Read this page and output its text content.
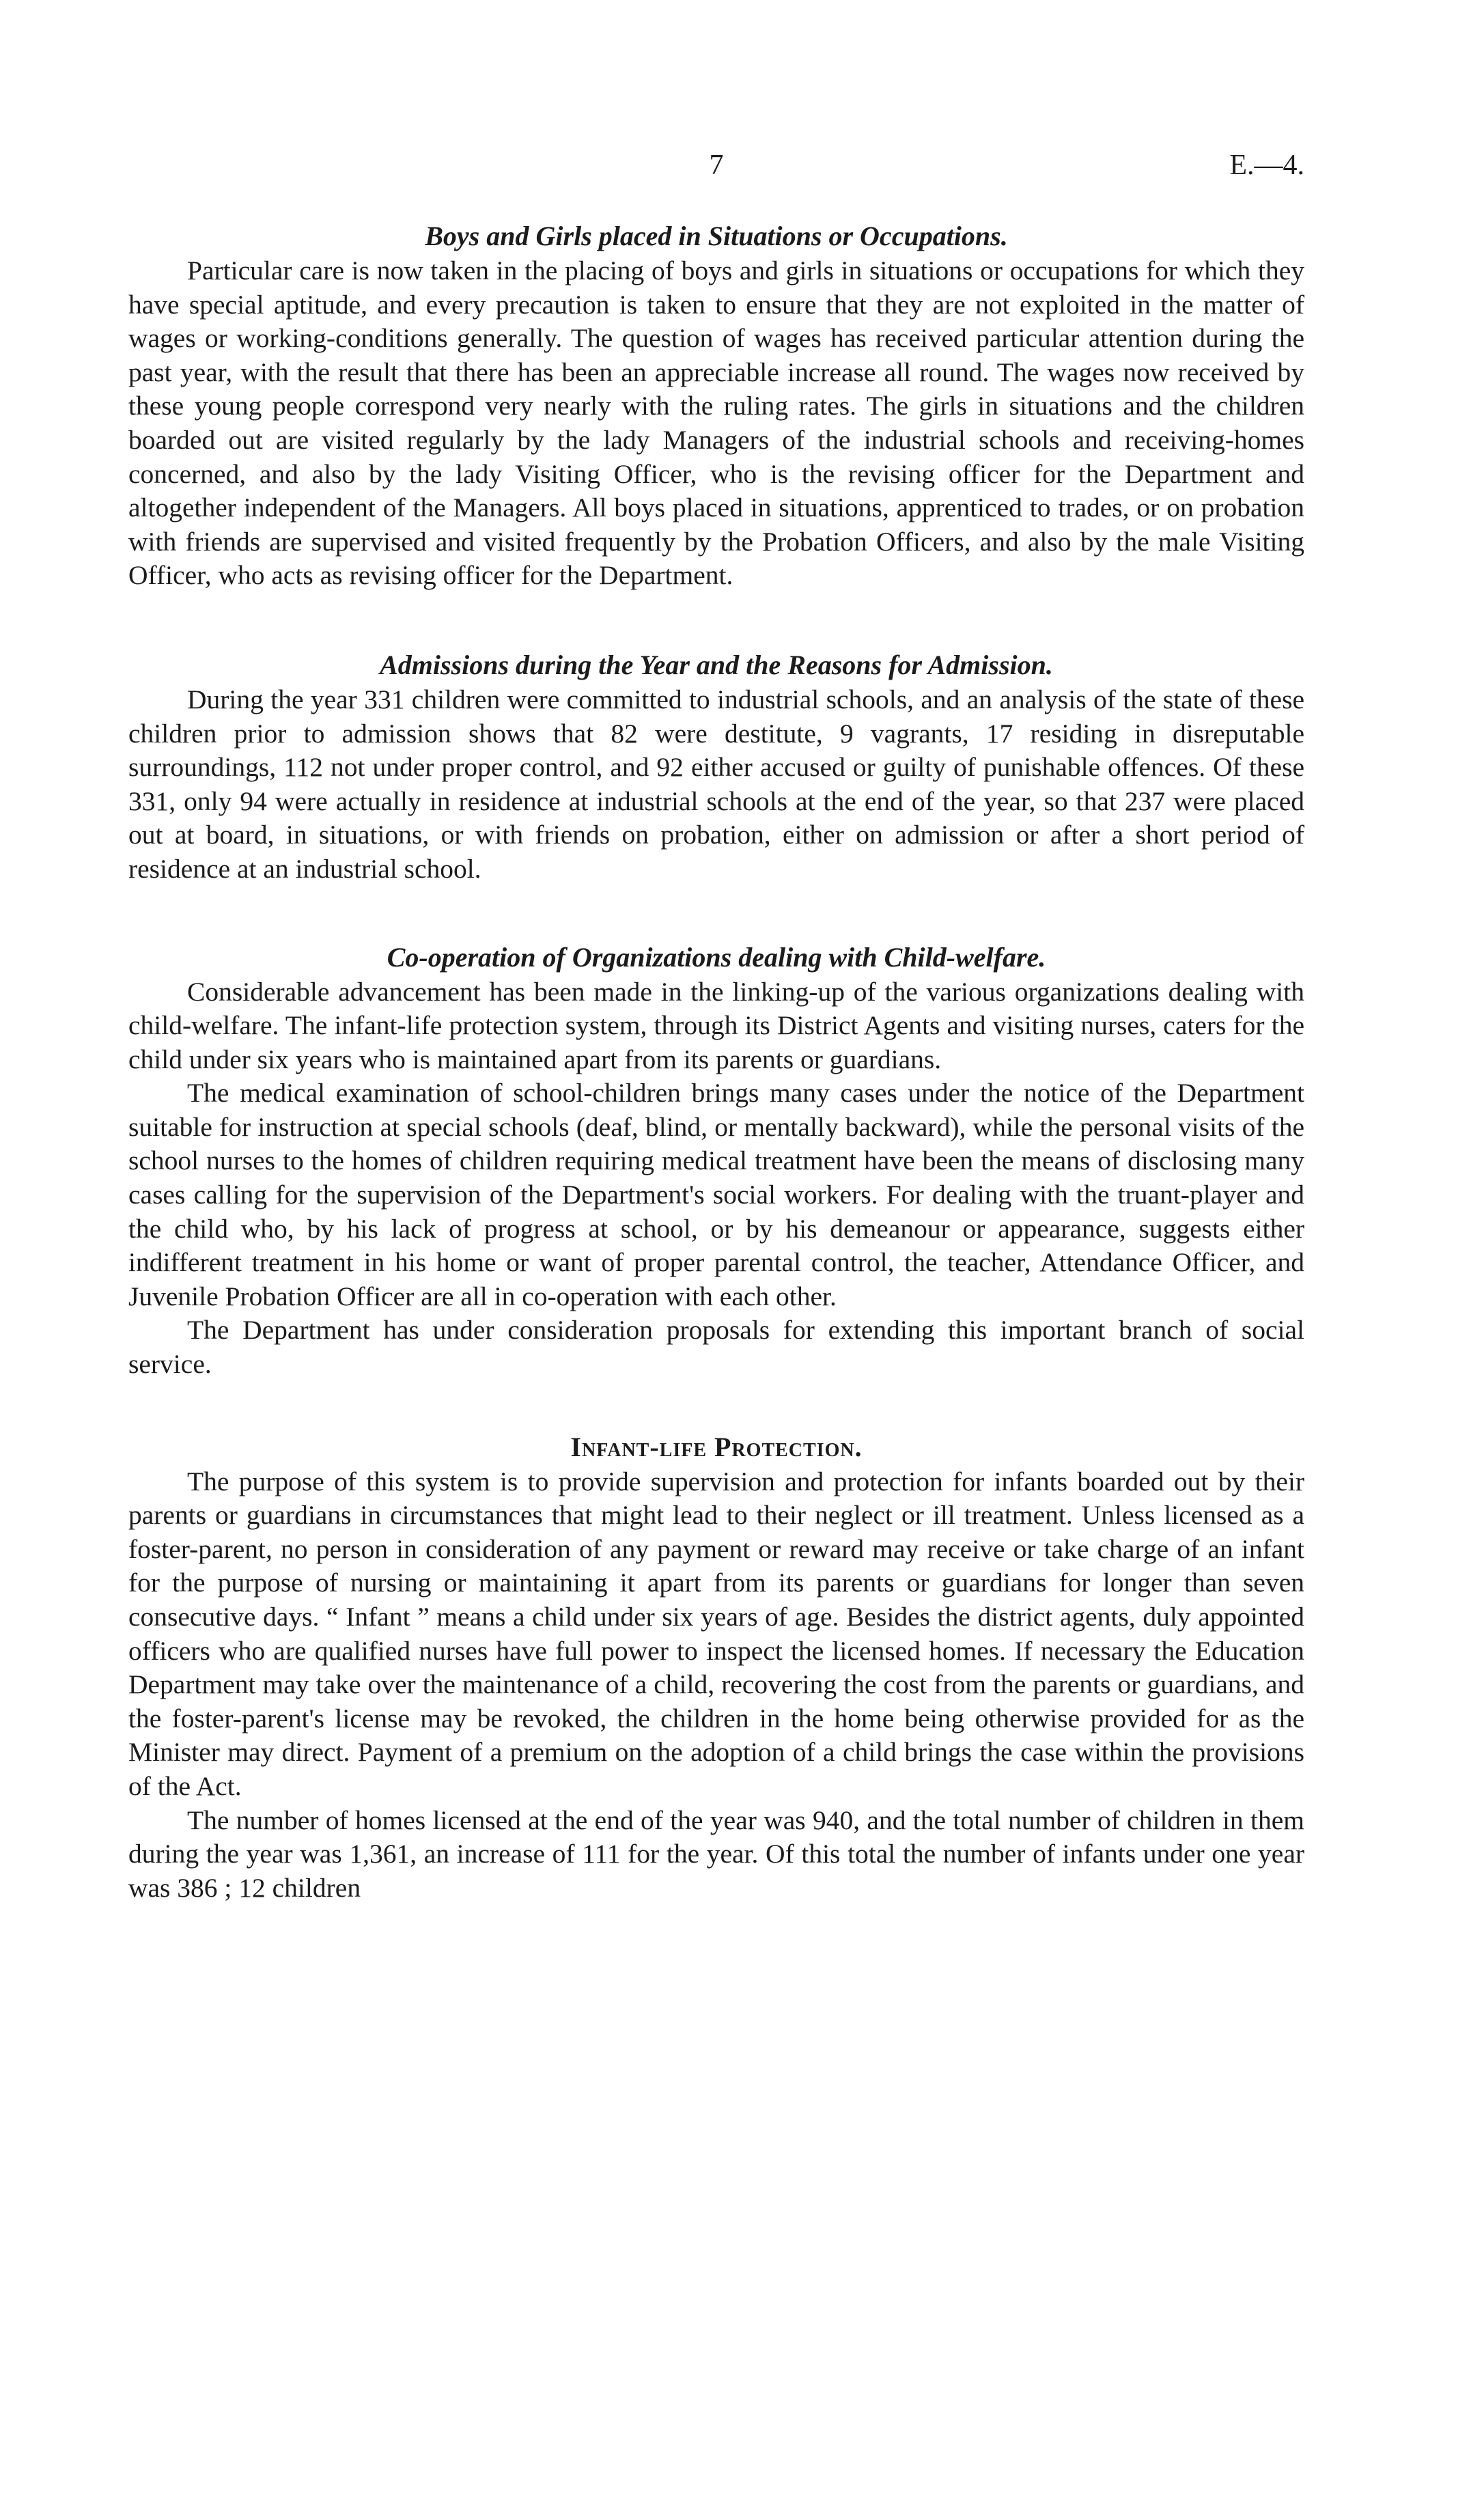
7	E.—4.
Boys and Girls placed in Situations or Occupations.

Particular care is now taken in the placing of boys and girls in situations or occupations for which they have special aptitude, and every precaution is taken to ensure that they are not exploited in the matter of wages or working-conditions generally. The question of wages has received particular attention during the past year, with the result that there has been an appreciable increase all round. The wages now received by these young people correspond very nearly with the ruling rates. The girls in situations and the children boarded out are visited regularly by the lady Managers of the industrial schools and receiving-homes concerned, and also by the lady Visiting Officer, who is the revising officer for the Department and altogether independent of the Managers. All boys placed in situations, apprenticed to trades, or on probation with friends are supervised and visited frequently by the Probation Officers, and also by the male Visiting Officer, who acts as revising officer for the Department.

Admissions during the Year and the Reasons for Admission.

During the year 331 children were committed to industrial schools, and an analysis of the state of these children prior to admission shows that 82 were destitute, 9 vagrants, 17 residing in disreputable surroundings, 112 not under proper control, and 92 either accused or guilty of punishable offences. Of these 331, only 94 were actually in residence at industrial schools at the end of the year, so that 237 were placed out at board, in situations, or with friends on probation, either on admission or after a short period of residence at an industrial school.

Co-operation of Organizations dealing with Child-welfare.

Considerable advancement has been made in the linking-up of the various organizations dealing with child-welfare. The infant-life protection system, through its District Agents and visiting nurses, caters for the child under six years who is maintained apart from its parents or guardians.

The medical examination of school-children brings many cases under the notice of the Department suitable for instruction at special schools (deaf, blind, or mentally backward), while the personal visits of the school nurses to the homes of children requiring medical treatment have been the means of disclosing many cases calling for the supervision of the Department's social workers. For dealing with the truant-player and the child who, by his lack of progress at school, or by his demeanour or appearance, suggests either indifferent treatment in his home or want of proper parental control, the teacher, Attendance Officer, and Juvenile Probation Officer are all in co-operation with each other.

The Department has under consideration proposals for extending this important branch of social service.

Infant-life Protection.

The purpose of this system is to provide supervision and protection for infants boarded out by their parents or guardians in circumstances that might lead to their neglect or ill treatment. Unless licensed as a foster-parent, no person in consideration of any payment or reward may receive or take charge of an infant for the purpose of nursing or maintaining it apart from its parents or guardians for longer than seven consecutive days. “ Infant ” means a child under six years of age. Besides the district agents, duly appointed officers who are qualified nurses have full power to inspect the licensed homes. If necessary the Education Department may take over the maintenance of a child, recovering the cost from the parents or guardians, and the foster-parent's license may be revoked, the children in the home being otherwise provided for as the Minister may direct. Payment of a premium on the adoption of a child brings the case within the provisions of the Act.

The number of homes licensed at the end of the year was 940, and the total number of children in them during the year was 1,361, an increase of 111 for the year. Of this total the number of infants under one year was 386 ; 12 children
